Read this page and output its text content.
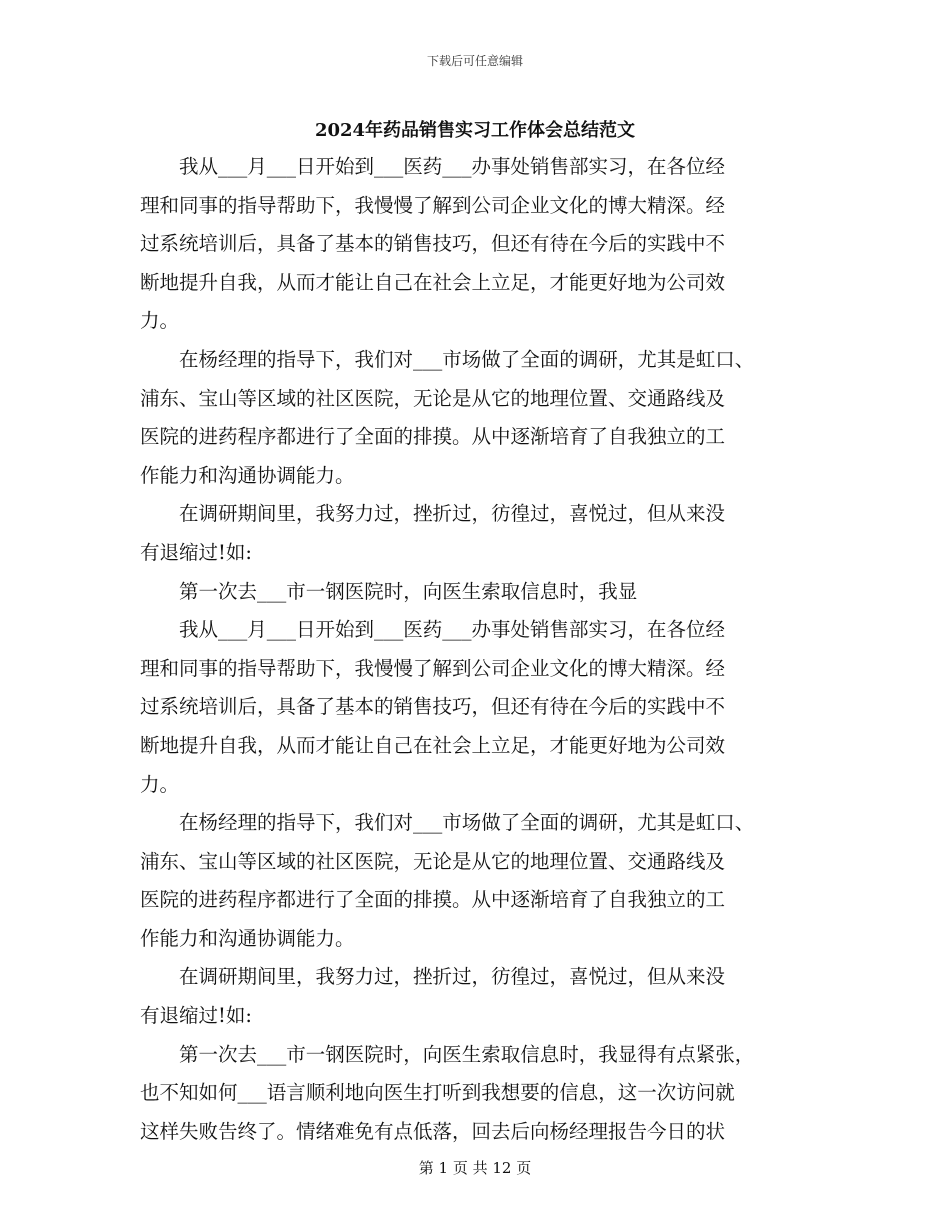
下载后可任意编辑
2024年药品销售实习工作体会总结范文

我从___月___日开始到___医药___办事处销售部实习，在各位经
理和同事的指导帮助下，我慢慢了解到公司企业文化的博大精深。经
过系统培训后，具备了基本的销售技巧，但还有待在今后的实践中不
断地提升自我，从而才能让自己在社会上立足，才能更好地为公司效
力。

在杨经理的指导下，我们对___市场做了全面的调研，尤其是虹口、
浦东、宝山等区域的社区医院，无论是从它的地理位置、交通路线及
医院的进药程序都进行了全面的排摸。从中逐渐培育了自我独立的工
作能力和沟通协调能力。

在调研期间里，我努力过，挫折过，彷徨过，喜悦过，但从来没
有退缩过!如:

第一次去___市一钢医院时，向医生索取信息时，我显

我从___月___日开始到___医药___办事处销售部实习，在各位经
理和同事的指导帮助下，我慢慢了解到公司企业文化的博大精深。经
过系统培训后，具备了基本的销售技巧，但还有待在今后的实践中不
断地提升自我，从而才能让自己在社会上立足，才能更好地为公司效
力。

在杨经理的指导下，我们对___市场做了全面的调研，尤其是虹口、
浦东、宝山等区域的社区医院，无论是从它的地理位置、交通路线及
医院的进药程序都进行了全面的排摸。从中逐渐培育了自我独立的工
作能力和沟通协调能力。

在调研期间里，我努力过，挫折过，彷徨过，喜悦过，但从来没
有退缩过!如:

第一次去___市一钢医院时，向医生索取信息时，我显得有点紧张，
也不知如何___语言顺利地向医生打听到我想要的信息，这一次访问就
这样失败告终了。情绪难免有点低落，回去后向杨经理报告今日的状

第 1 页 共 12 页
